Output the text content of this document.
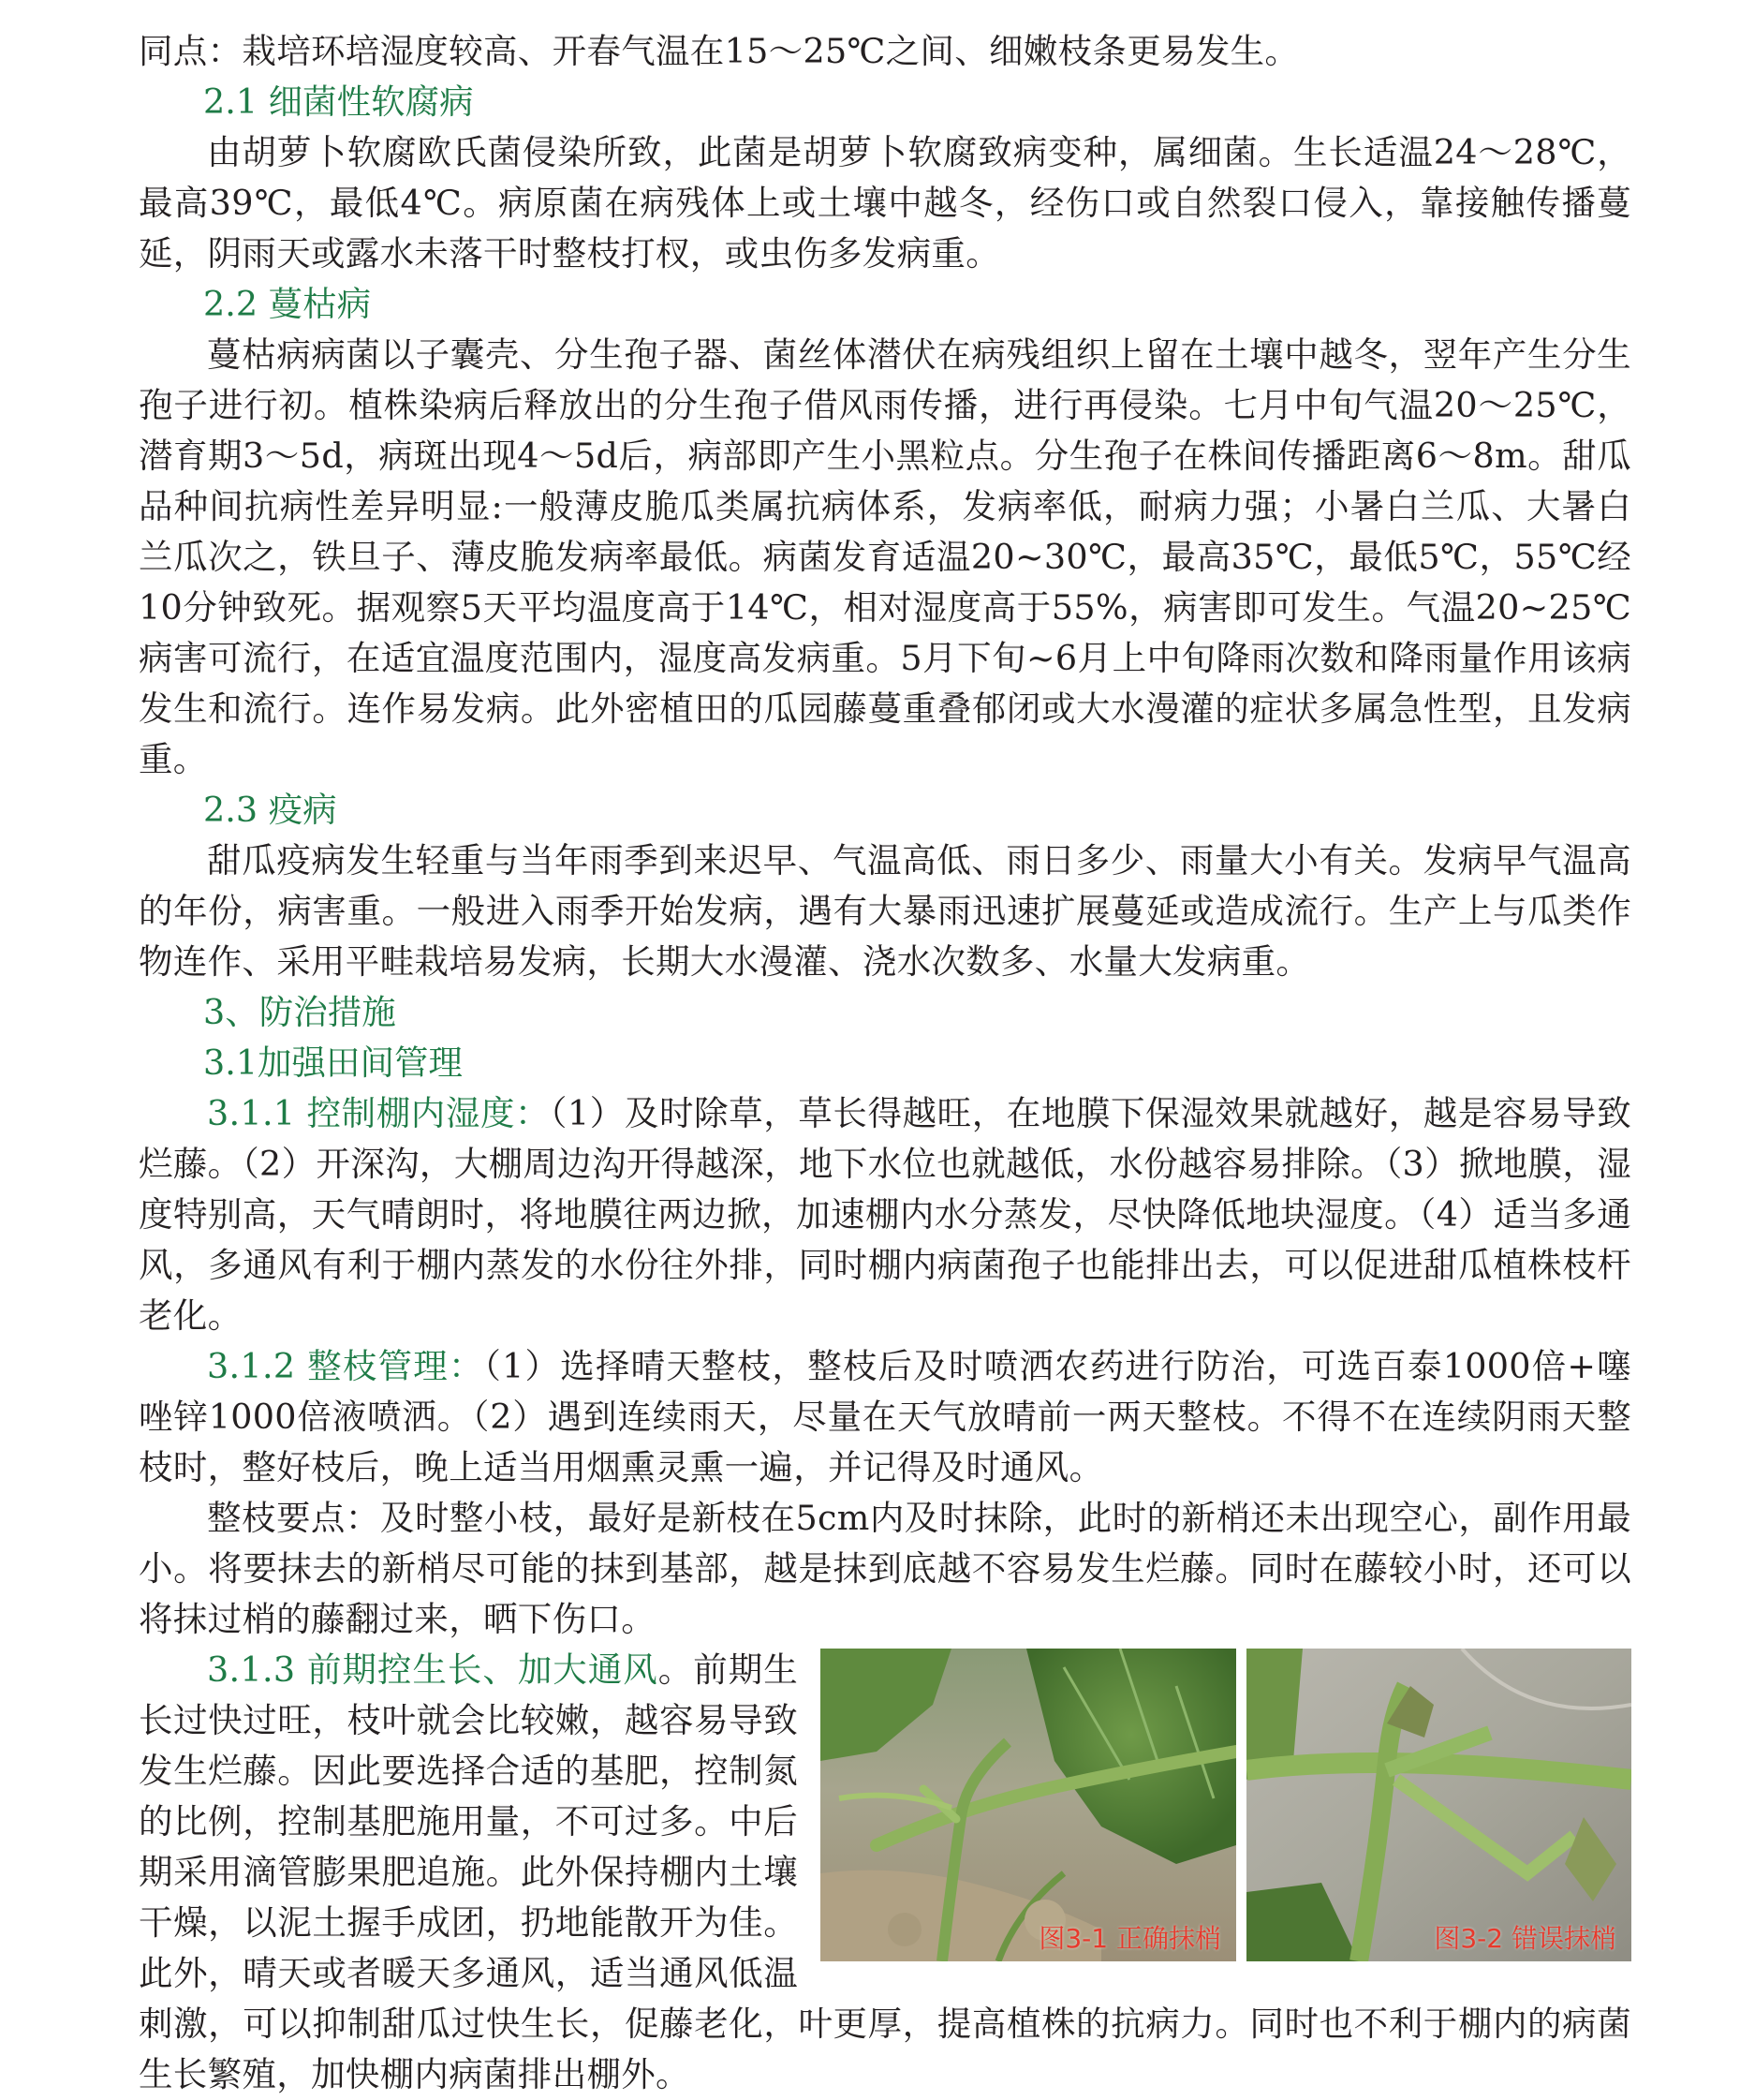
同点：栽培环培湿度较高、开春气温在15～25℃之间、细嫩枝条更易发生。

2.1 细菌性软腐病

由胡萝卜软腐欧氏菌侵染所致，此菌是胡萝卜软腐致病变种，属细菌。生长适温24～28℃，最高39℃，最低4℃。病原菌在病残体上或土壤中越冬，经伤口或自然裂口侵入，靠接触传播蔓延，阴雨天或露水未落干时整枝打杈，或虫伤多发病重。

2.2 蔓枯病

蔓枯病病菌以子囊壳、分生孢子器、菌丝体潜伏在病残组织上留在土壤中越冬，翌年产生分生孢子进行初。植株染病后释放出的分生孢子借风雨传播，进行再侵染。七月中旬气温20～25℃，潜育期3～5d，病斑出现4～5d后，病部即产生小黑粒点。分生孢子在株间传播距离6～8m。甜瓜品种间抗病性差异明显:一般薄皮脆瓜类属抗病体系，发病率低，耐病力强；小暑白兰瓜、大暑白兰瓜次之，铁旦子、薄皮脆发病率最低。病菌发育适温20~30℃，最高35℃，最低5℃，55℃经10分钟致死。据观察5天平均温度高于14℃，相对湿度高于55%，病害即可发生。气温20~25℃病害可流行，在适宜温度范围内，湿度高发病重。5月下旬~6月上中旬降雨次数和降雨量作用该病发生和流行。连作易发病。此外密植田的瓜园藤蔓重叠郁闭或大水漫灌的症状多属急性型，且发病重。

2.3 疫病

甜瓜疫病发生轻重与当年雨季到来迟早、气温高低、雨日多少、雨量大小有关。发病早气温高的年份，病害重。一般进入雨季开始发病，遇有大暴雨迅速扩展蔓延或造成流行。生产上与瓜类作物连作、采用平畦栽培易发病，长期大水漫灌、浇水次数多、水量大发病重。

3、防治措施

3.1加强田间管理

3.1.1 控制棚内湿度：（1）及时除草，草长得越旺，在地膜下保湿效果就越好，越是容易导致烂藤。（2）开深沟，大棚周边沟开得越深，地下水位也就越低，水份越容易排除。（3）掀地膜，湿度特别高，天气晴朗时，将地膜往两边掀，加速棚内水分蒸发，尽快降低地块湿度。（4）适当多通风，多通风有利于棚内蒸发的水份往外排，同时棚内病菌孢子也能排出去，可以促进甜瓜植株枝杆老化。

3.1.2 整枝管理：（1）选择晴天整枝，整枝后及时喷洒农药进行防治，可选百泰1000倍+噻唑锌1000倍液喷洒。（2）遇到连续雨天，尽量在天气放晴前一两天整枝。不得不在连续阴雨天整枝时，整好枝后，晚上适当用烟熏灵熏一遍，并记得及时通风。

整枝要点：及时整小枝，最好是新枝在5cm内及时抹除，此时的新梢还未出现空心，副作用最小。将要抹去的新梢尽可能的抹到基部，越是抹到底越不容易发生烂藤。同时在藤较小时，还可以将抹过梢的藤翻过来，晒下伤口。

图3-1 正确抹梢	图3-2 错误抹梢

3.1.3 前期控生长、加大通风。前期生长过快过旺，枝叶就会比较嫩，越容易导致发生烂藤。因此要选择合适的基肥，控制氮的比例，控制基肥施用量，不可过多。中后期采用滴管膨果肥追施。此外保持棚内土壤干燥，以泥土握手成团，扔地能散开为佳。 此外，晴天或者暖天多通风，适当通风低温刺激，可以抑制甜瓜过快生长，促藤老化，叶更厚，提高植株的抗病力。同时也不利于棚内的病菌生长繁殖，加快棚内病菌排出棚外。
